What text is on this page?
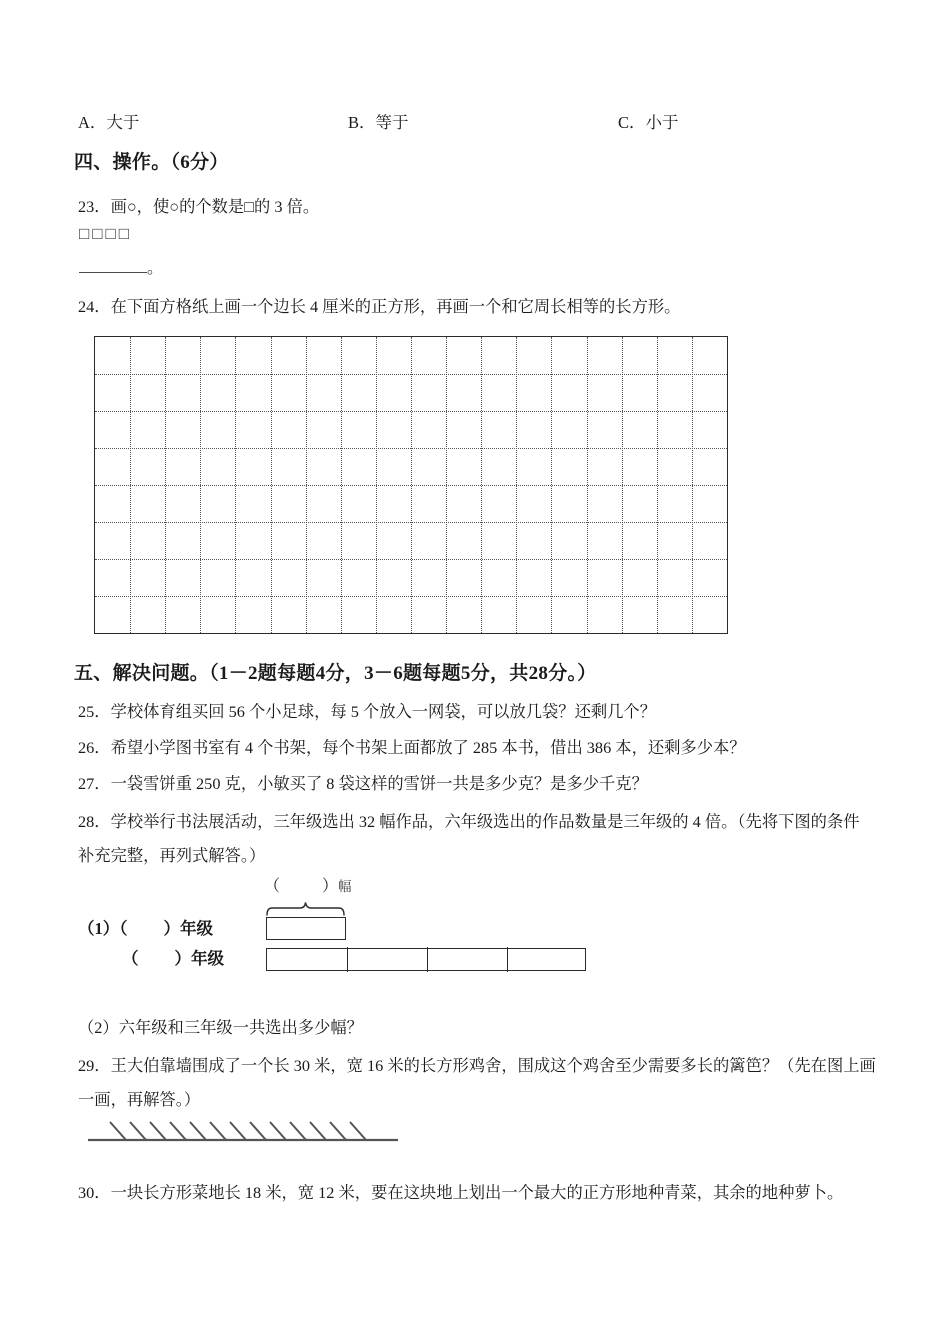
A．大于	B．等于	C．小于
四、操作。（6分）
23．画○，使○的个数是□的 3 倍。
□□□□
。
24．在下面方格纸上画一个边长 4 厘米的正方形，再画一个和它周长相等的长方形。
五、解决问题。（1－2题每题4分，3－6题每题5分，共28分。）
25．学校体育组买回 56 个小足球，每 5 个放入一网袋，可以放几袋？还剩几个？
26．希望小学图书室有 4 个书架，每个书架上面都放了 285 本书，借出 386 本，还剩多少本？
27．一袋雪饼重 250 克，小敏买了 8 袋这样的雪饼一共是多少克？是多少千克？
28．学校举行书法展活动，三年级选出 32 幅作品，六年级选出的作品数量是三年级的 4 倍。（先将下图的条件补充完整，再列式解答。）
（	）幅
（1）（ ）年级
（ ）年级
（2）六年级和三年级一共选出多少幅？
29．王大伯靠墙围成了一个长 30 米，宽 16 米的长方形鸡舍，围成这个鸡舍至少需要多长的篱笆？（先在图上画一画，再解答。）
30．一块长方形菜地长 18 米，宽 12 米，要在这块地上划出一个最大的正方形地种青菜，其余的地种萝卜。
